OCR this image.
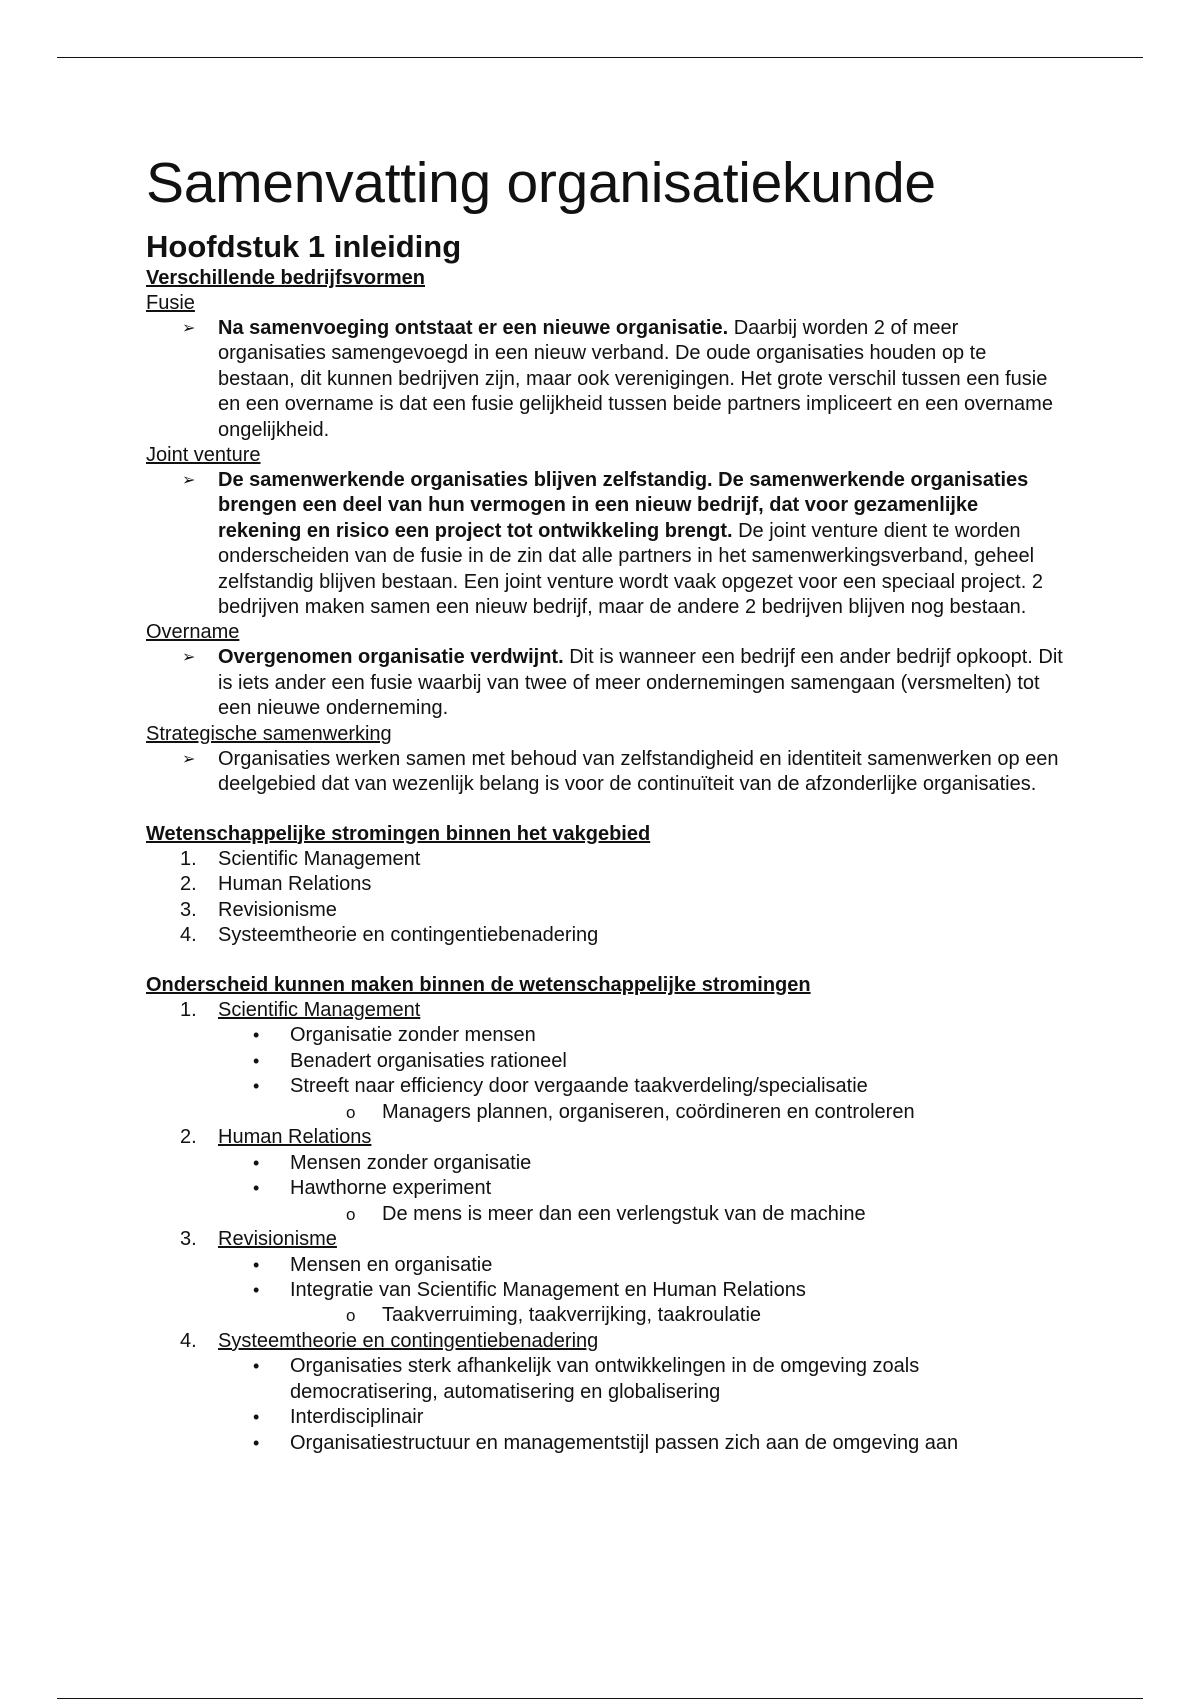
Samenvatting organisatiekunde
Hoofdstuk 1 inleiding
Verschillende bedrijfsvormen
Fusie
➢ Na samenvoeging ontstaat er een nieuwe organisatie. Daarbij worden 2 of meer organisaties samengevoegd in een nieuw verband. De oude organisaties houden op te bestaan, dit kunnen bedrijven zijn, maar ook verenigingen. Het grote verschil tussen een fusie en een overname is dat een fusie gelijkheid tussen beide partners impliceert en een overname ongelijkheid.
Joint venture
➢ De samenwerkende organisaties blijven zelfstandig. De samenwerkende organisaties brengen een deel van hun vermogen in een nieuw bedrijf, dat voor gezamenlijke rekening en risico een project tot ontwikkeling brengt. De joint venture dient te worden onderscheiden van de fusie in de zin dat alle partners in het samenwerkingsverband, geheel zelfstandig blijven bestaan. Een joint venture wordt vaak opgezet voor een speciaal project. 2 bedrijven maken samen een nieuw bedrijf, maar de andere 2 bedrijven blijven nog bestaan.
Overname
➢ Overgenomen organisatie verdwijnt. Dit is wanneer een bedrijf een ander bedrijf opkoopt. Dit is iets ander een fusie waarbij van twee of meer ondernemingen samengaan (versmelten) tot een nieuwe onderneming.
Strategische samenwerking
➢ Organisaties werken samen met behoud van zelfstandigheid en identiteit samenwerken op een deelgebied dat van wezenlijk belang is voor de continuïteit van de afzonderlijke organisaties.
Wetenschappelijke stromingen binnen het vakgebied
1. Scientific Management
2. Human Relations
3. Revisionisme
4. Systeemtheorie en contingentiebenadering
Onderscheid kunnen maken binnen de wetenschappelijke stromingen
1. Scientific Management
• Organisatie zonder mensen
• Benadert organisaties rationeel
• Streeft naar efficiency door vergaande taakverdeling/specialisatie
o Managers plannen, organiseren, coördineren en controleren
2. Human Relations
• Mensen zonder organisatie
• Hawthorne experiment
o De mens is meer dan een verlengstuk van de machine
3. Revisionisme
• Mensen en organisatie
• Integratie van Scientific Management en Human Relations
o Taakverruiming, taakverrijking, taakroulatie
4. Systeemtheorie en contingentiebenadering
• Organisaties sterk afhankelijk van ontwikkelingen in de omgeving zoals democratisering, automatisering en globalisering
• Interdisciplinair
• Organisatiestructuur en managementstijl passen zich aan de omgeving aan
